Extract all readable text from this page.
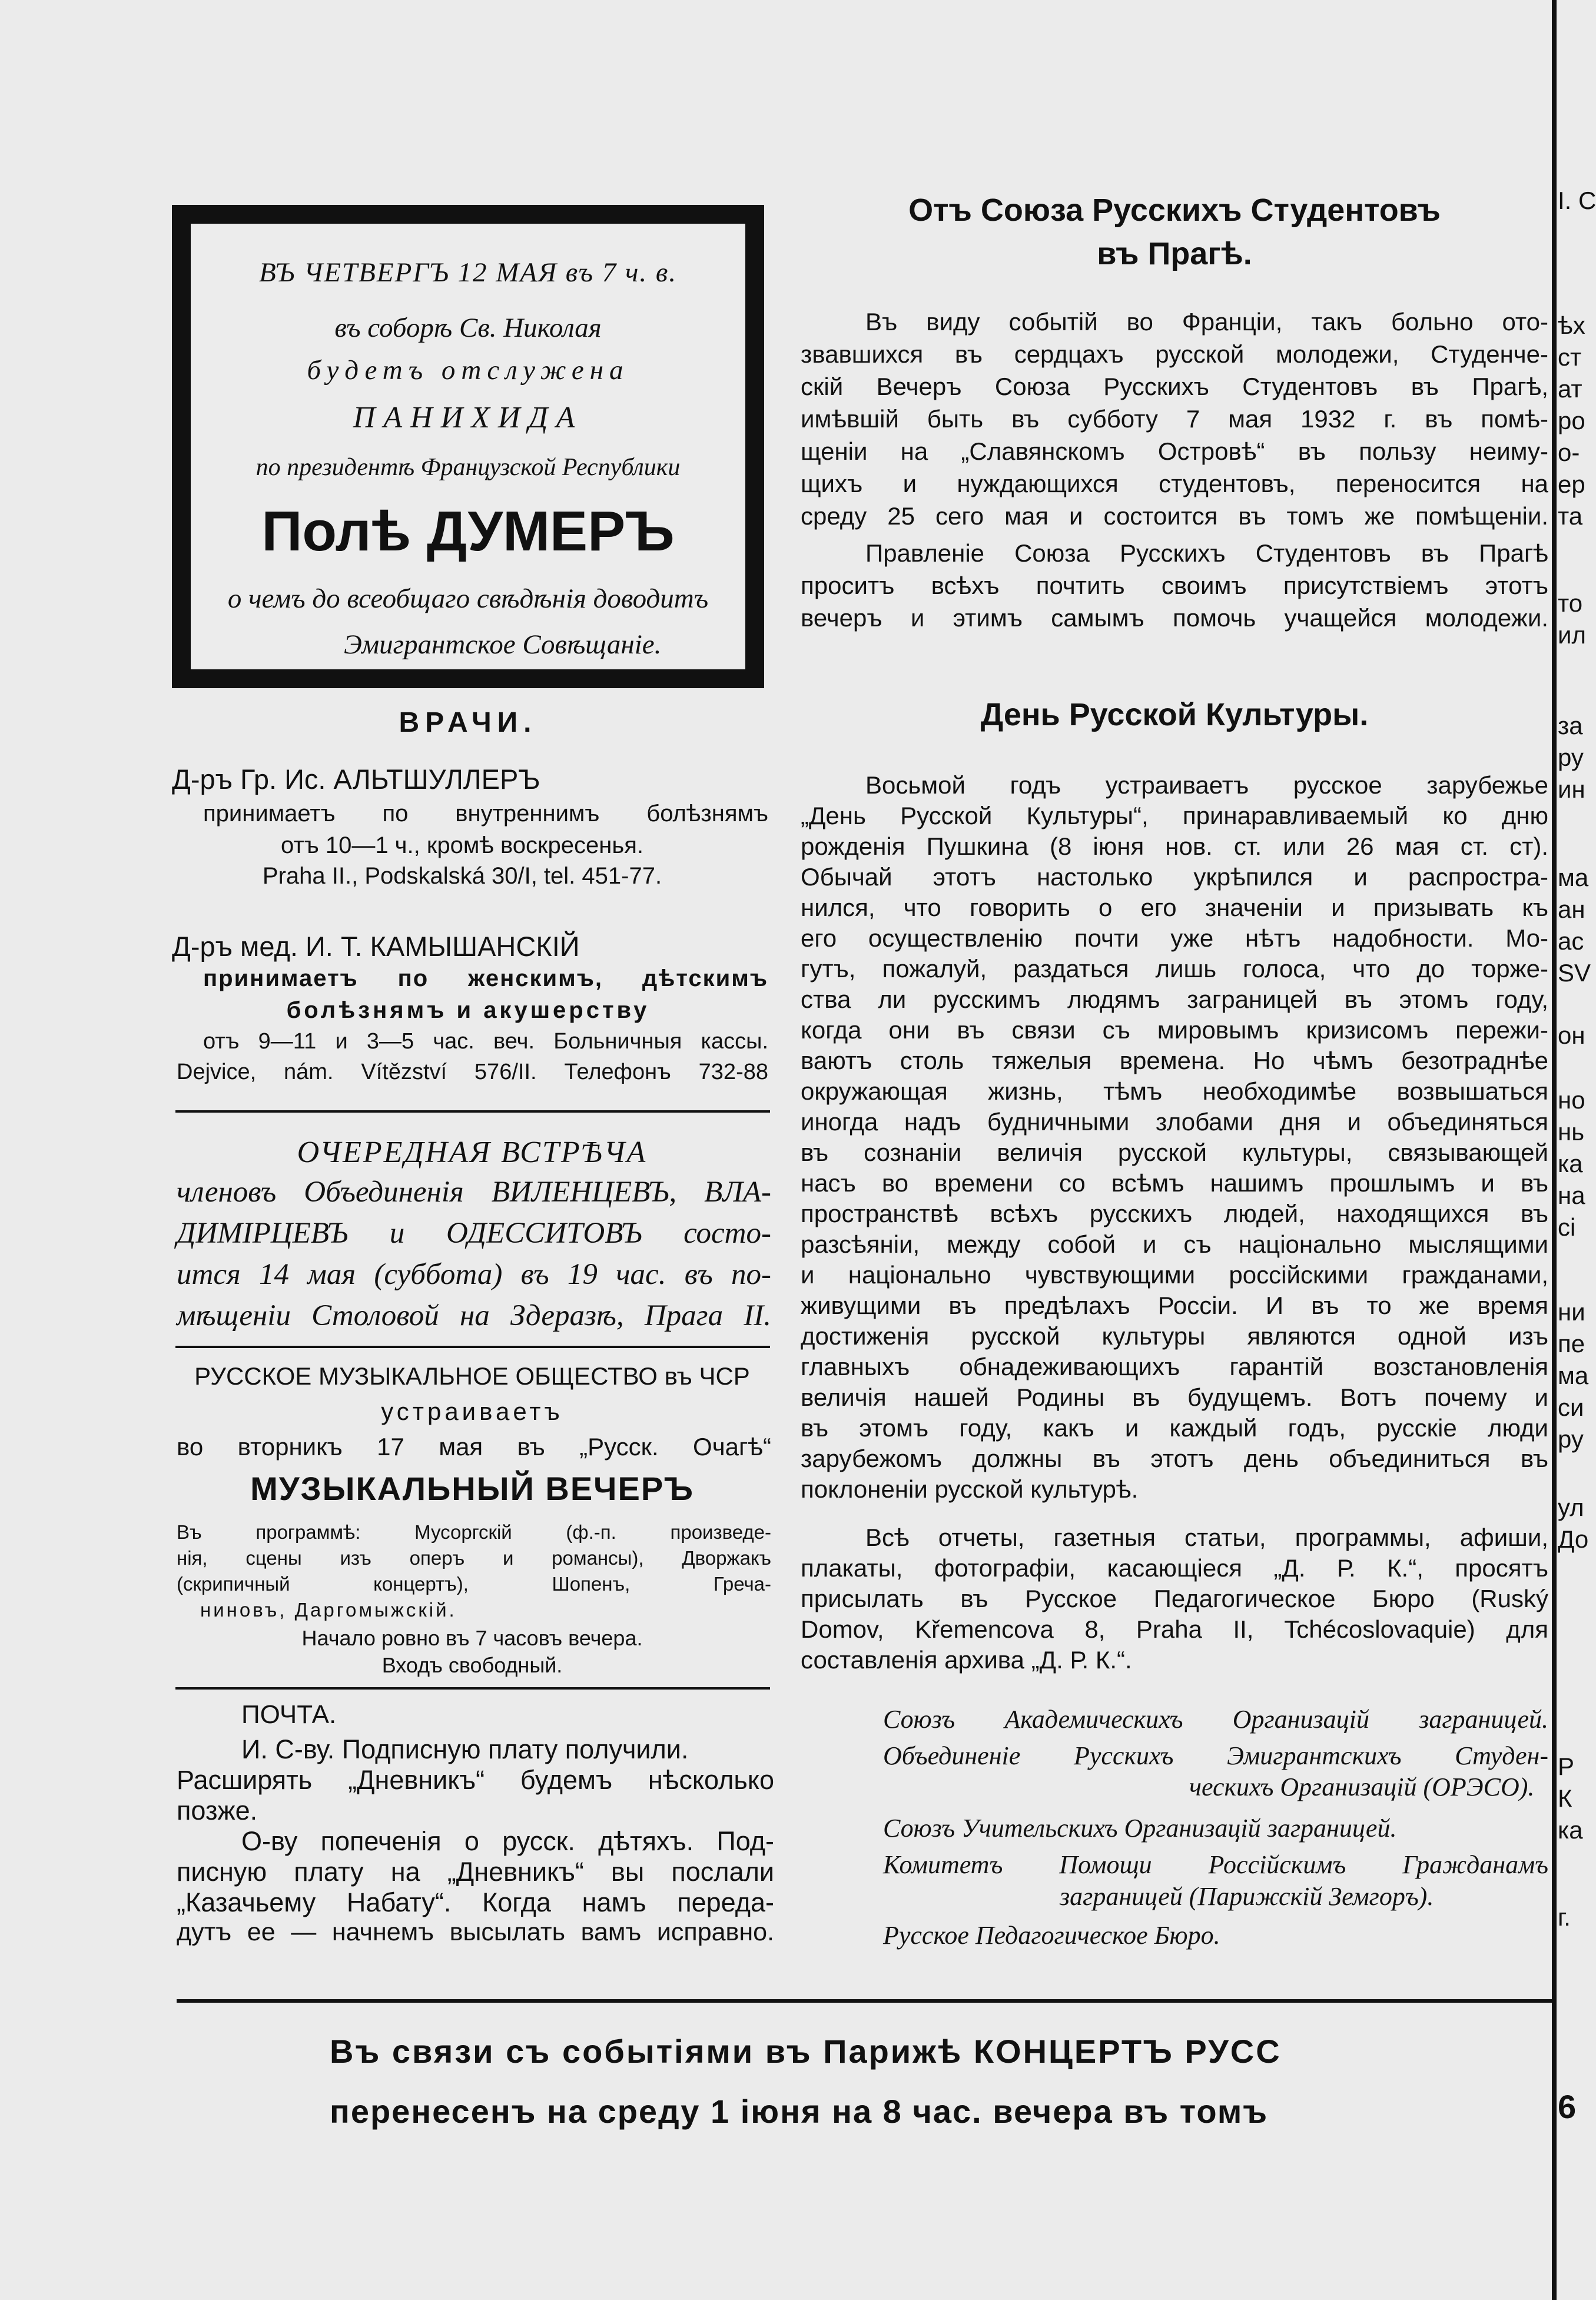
ВЪ ЧЕТВЕРГЪ 12 МАЯ въ 7 ч. в.
въ соборѣ Св. Николая
будетъ отслужена
ПАНИХИДА
по президентѣ Французской Республики
Полѣ ДУМЕРЪ
о чемъ до всеобщаго свѣдѣнія доводитъ
Эмигрантское Совѣщаніе.
ВРАЧИ.
Д-ръ Гр. Ис. АЛЬТШУЛЛЕРЪ
принимаетъ по внутреннимъ болѣзнямъ
отъ 10—1 ч., кромѣ воскресенья.
Praha II., Podskalská 30/I, tel. 451-77.
Д-ръ мед. И. Т. КАМЫШАНСКІЙ
принимаетъ по женскимъ, дѣтскимъ
болѣзнямъ и акушерству
отъ 9—11 и 3—5 час. веч. Больничныя кассы.
Dejvice, nám. Vítězství 576/II. Телефонъ 732-88
ОЧЕРЕДНАЯ ВСТРѢЧА
членовъ Объединенія ВИЛЕНЦЕВЪ, ВЛА-
ДИМІРЦЕВЪ и ОДЕССИТОВЪ состо-
ится 14 мая (суббота) въ 19 час. въ по-
мѣщеніи Столовой на Здеразѣ, Прага II.
РУССКОЕ МУЗЫКАЛЬНОЕ ОБЩЕСТВО въ ЧСР
устраиваетъ
во вторникъ 17 мая въ „Русск. Очагѣ“
МУЗЫКАЛЬНЫЙ ВЕЧЕРЪ
Въ программѣ: Мусоргскій (ф.-п. произведе-
нія, сцены изъ оперъ и романсы), Дворжакъ
(скрипичный концертъ), Шопенъ, Греча-
ниновъ, Даргомыжскій.
Начало ровно въ 7 часовъ вечера.
Входъ свободный.
ПОЧТА.
И. С-ву. Подписную плату получили.
Расширять „Дневникъ“ будемъ нѣсколько
позже.
О-ву попеченія о русск. дѣтяхъ. Под-
писную плату на „Дневникъ“ вы послали
„Казачьему Набату“. Когда намъ переда-
дутъ ее — начнемъ высылать вамъ исправно.
Отъ Союза Русскихъ Студентовъ
въ Прагѣ.
Въ виду событій во Франціи, такъ больно ото-
звавшихся въ сердцахъ русской молодежи, Студенче-
скій Вечеръ Союза Русскихъ Студентовъ въ Прагѣ,
имѣвшій быть въ субботу 7 мая 1932 г. въ помѣ-
щеніи на „Славянскомъ Островѣ“ въ пользу неиму-
щихъ и нуждающихся студентовъ, переносится на
среду 25 сего мая и состоится въ томъ же помѣщеніи.
Правленіе Союза Русскихъ Студентовъ въ Прагѣ
проситъ всѣхъ почтить своимъ присутствіемъ этотъ
вечеръ и этимъ самымъ помочь учащейся молодежи.
День Русской Культуры.
Восьмой годъ устраиваетъ русское зарубежье
„День Русской Культуры“, принаравливаемый ко дню
рожденія Пушкина (8 іюня нов. ст. или 26 мая ст. ст).
Обычай этотъ настолько укрѣпился и распростра-
нился, что говорить о его значеніи и призывать къ
его осуществленію почти уже нѣтъ надобности. Мо-
гутъ, пожалуй, раздаться лишь голоса, что до торже-
ства ли русскимъ людямъ заграницей въ этомъ году,
когда они въ связи съ мировымъ кризисомъ пережи-
ваютъ столь тяжелыя времена. Но чѣмъ безотраднѣе
окружающая жизнь, тѣмъ необходимѣе возвышаться
иногда надъ будничными злобами дня и объединяться
въ сознаніи величія русской культуры, связывающей
насъ во времени со всѣмъ нашимъ прошлымъ и въ
пространствѣ всѣхъ русскихъ людей, находящихся въ
разсѣяніи, между собой и съ національно мыслящими
и національно чувствующими россійскими гражданами,
живущими въ предѣлахъ Россіи. И въ то же время
достиженія русской культуры являются одной изъ
главныхъ обнадеживающихъ гарантій возстановленія
величія нашей Родины въ будущемъ. Вотъ почему и
въ этомъ году, какъ и каждый годъ, русскіе люди
зарубежомъ должны въ этотъ день объединиться въ
поклоненіи русской культурѣ.
Всѣ отчеты, газетныя статьи, программы, афиши,
плакаты, фотографіи, касающіеся „Д. Р. К.“, просятъ
присылать въ Русское Педагогическое Бюро (Ruský
Domov, Křemencova 8, Praha II, Tchécoslovaquie) для
составленія архива „Д. Р. К.“.
Союзъ Академическихъ Организацій заграницей.
Объединеніе Русскихъ Эмигрантскихъ Студен-
ческихъ Организацій (ОРЭСО).
Союзъ Учительскихъ Организацій заграницей.
Комитетъ Помощи Россійскимъ Гражданамъ
заграницей (Парижскій Земгоръ).
Русское Педагогическое Бюро.
Въ связи съ событіями въ Парижѣ КОНЦЕРТЪ РУСС
перенесенъ на среду 1 іюня на 8 час. вечера въ томъ
І. С
ѣх
ст
ат
ро
о-
ер
та
то
ил
за
ру
ин
ма
ан
ас
SV
он
но
нь
ка
на
сі
ни
пе
ма
си
ру
ул
До
Р
К
ка
г.
6
